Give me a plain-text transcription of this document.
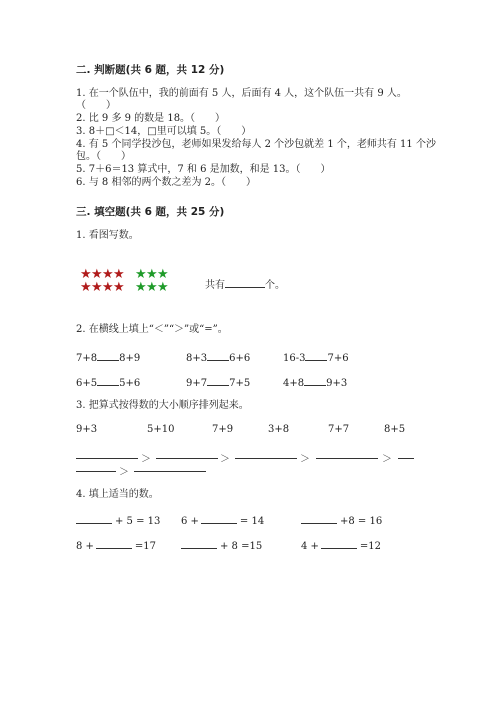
二. 判断题(共 6 题，共 12 分)
1. 在一个队伍中，我的前面有 5 人，后面有 4 人，这个队伍一共有 9 人。
（　　）
2. 比 9 多 9 的数是 18。（　　）
3. 8＋□＜14，□里可以填 5。（　　）
4. 有 5 个同学投沙包，老师如果发给每人 2 个沙包就差 1 个，老师共有 11 个沙
包。（　　）
5. 7＋6＝13 算式中，7 和 6 是加数，和是 13。（　　）
6. 与 8 相邻的两个数之差为 2。（　　）
三. 填空题(共 6 题，共 25 分)
1. 看图写数。
★ ★ ★ ★
★ ★ ★ ★
★ ★ ★
★ ★ ★	共有	个。
2. 在横线上填上“＜”“＞”或“=”。
7+8 8+9	8+3 6+6	16-3 7+6
6+5 5+6	9+7 7+5	4+8 9+3
3. 把算式按得数的大小顺序排列起来。
9+3	5+10	7+9	3+8	7+7	8+5
＞	＞	＞	＞
＞
4. 填上适当的数。
+ 5 = 13 6 +	= 14	+8 = 16
8 +	=17	+ 8 =15	4 +	=12
